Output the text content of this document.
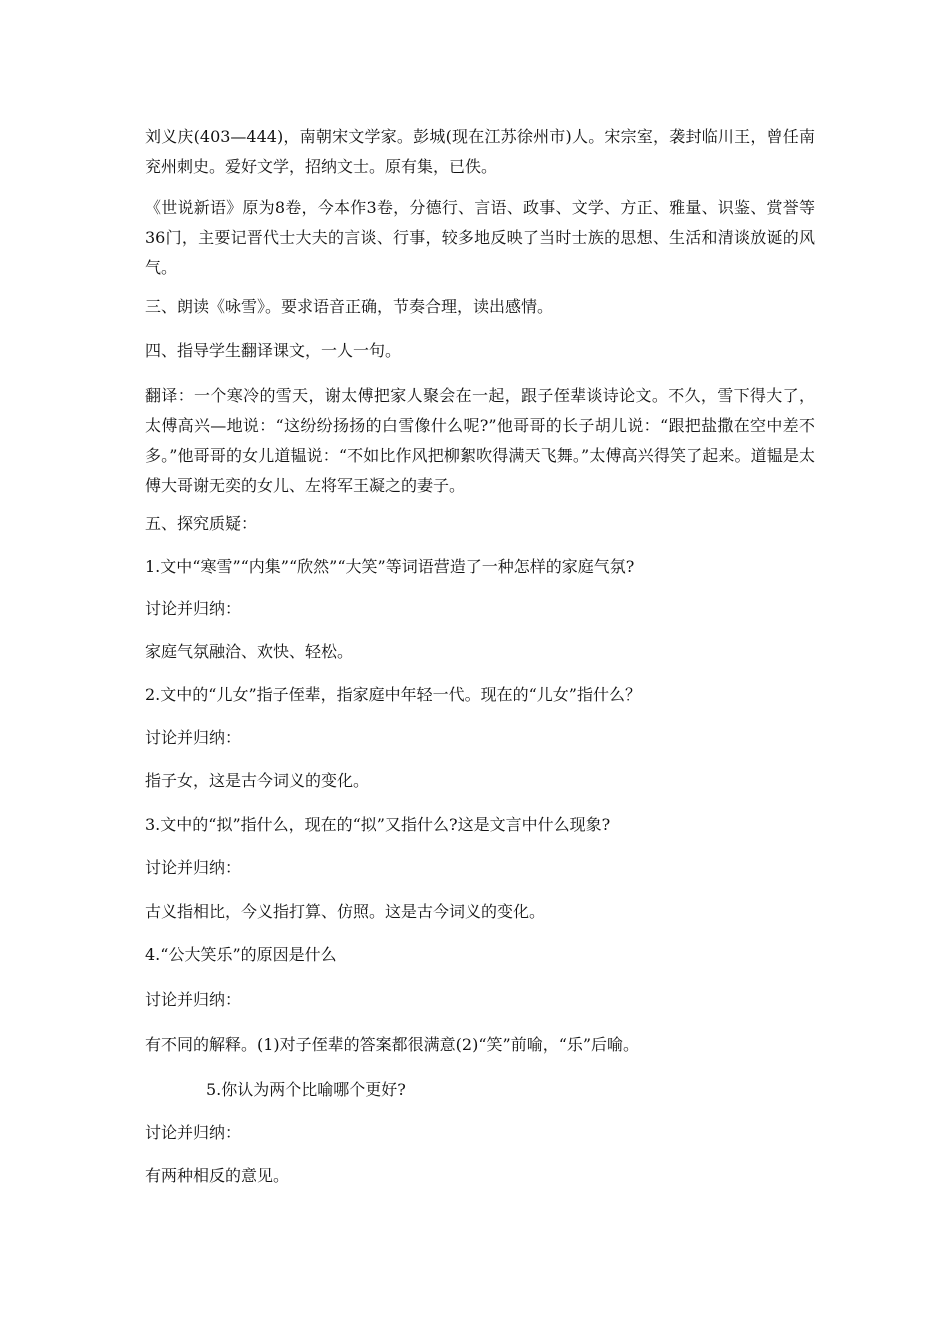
刘义庆(403—444)，南朝宋文学家。彭城(现在江苏徐州市)人。宋宗室，袭封临川王，曾任南兖州刺史。爱好文学，招纳文士。原有集，已佚。

《世说新语》原为8卷，今本作3卷，分德行、言语、政事、文学、方正、雅量、识鉴、赏誉等36门，主要记晋代士大夫的言谈、行事，较多地反映了当时士族的思想、生活和清谈放诞的风气。

三、朗读《咏雪》。要求语音正确，节奏合理，读出感情。

四、指导学生翻译课文，一人一句。

翻译：一个寒冷的雪天，谢太傅把家人聚会在一起，跟子侄辈谈诗论文。不久，雪下得大了，太傅高兴—地说：“这纷纷扬扬的白雪像什么呢?”他哥哥的长子胡儿说：“跟把盐撒在空中差不多。”他哥哥的女儿道韫说：“不如比作风把柳絮吹得满天飞舞。”太傅高兴得笑了起来。道韫是太傅大哥谢无奕的女儿、左将军王凝之的妻子。

五、探究质疑：

1.文中“寒雪”“内集”“欣然”“大笑”等词语营造了一种怎样的家庭气氛?

讨论并归纳：

家庭气氛融洽、欢快、轻松。

2.文中的“儿女”指子侄辈，指家庭中年轻一代。现在的“儿女”指什么？

讨论并归纳：

指子女，这是古今词义的变化。

3.文中的“拟”指什么，现在的“拟”又指什么?这是文言中什么现象?

讨论并归纳：

古义指相比，今义指打算、仿照。这是古今词义的变化。

4.“公大笑乐”的原因是什么

讨论并归纳：

有不同的解释。(1)对子侄辈的答案都很满意(2)“笑”前喻，“乐”后喻。

5.你认为两个比喻哪个更好?

讨论并归纳：

有两种相反的意见。
